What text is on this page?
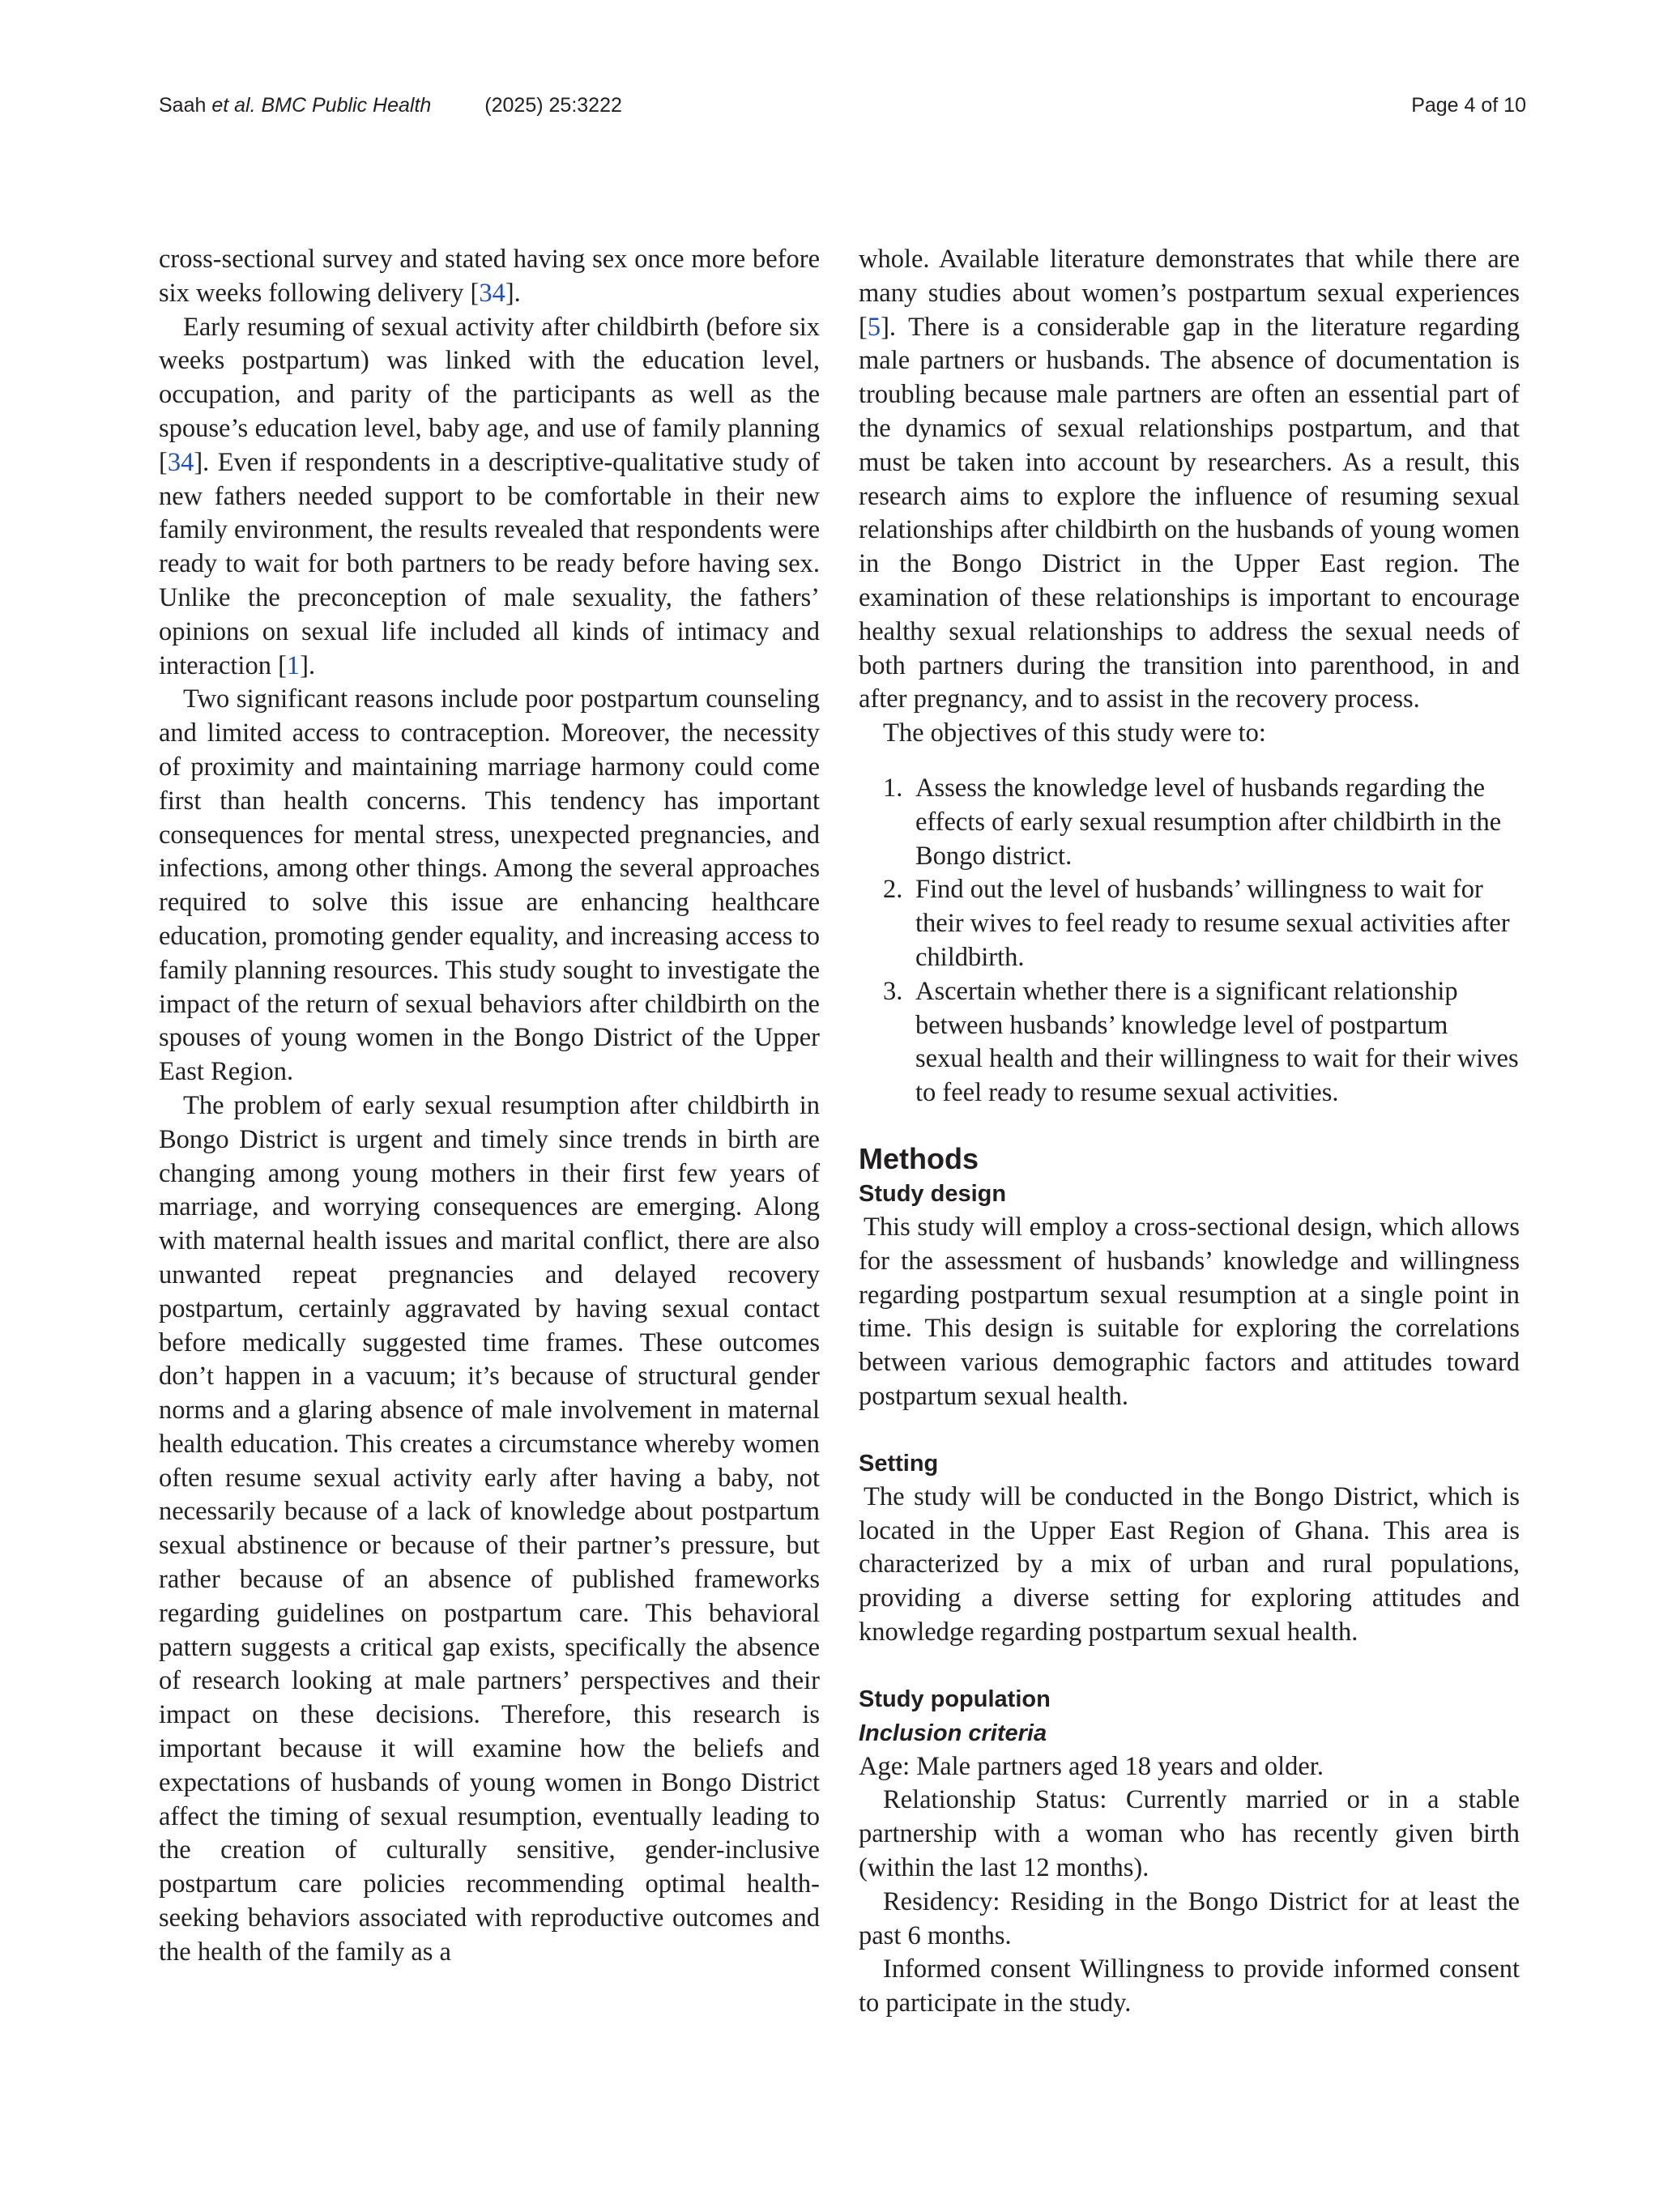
Saah et al. BMC Public Health	(2025) 25:3222	Page 4 of 10

cross-sectional survey and stated having sex once more before six weeks following delivery [34].

Early resuming of sexual activity after childbirth (before six weeks postpartum) was linked with the education level, occupation, and parity of the participants as well as the spouse’s education level, baby age, and use of family planning [34]. Even if respondents in a descriptive-qualitative study of new fathers needed support to be comfortable in their new family environment, the results revealed that respondents were ready to wait for both partners to be ready before having sex. Unlike the preconception of male sexuality, the fathers’ opinions on sexual life included all kinds of intimacy and interaction [1].

Two significant reasons include poor postpartum counseling and limited access to contraception. Moreover, the necessity of proximity and maintaining marriage harmony could come first than health concerns. This tendency has important consequences for mental stress, unexpected pregnancies, and infections, among other things. Among the several approaches required to solve this issue are enhancing healthcare education, promoting gender equality, and increasing access to family planning resources. This study sought to investigate the impact of the return of sexual behaviors after childbirth on the spouses of young women in the Bongo District of the Upper East Region.

The problem of early sexual resumption after childbirth in Bongo District is urgent and timely since trends in birth are changing among young mothers in their first few years of marriage, and worrying consequences are emerging. Along with maternal health issues and marital conflict, there are also unwanted repeat pregnancies and delayed recovery postpartum, certainly aggravated by having sexual contact before medically suggested time frames. These outcomes don’t happen in a vacuum; it’s because of structural gender norms and a glaring absence of male involvement in maternal health education. This creates a circumstance whereby women often resume sexual activity early after having a baby, not necessarily because of a lack of knowledge about postpartum sexual abstinence or because of their partner’s pressure, but rather because of an absence of published frameworks regarding guidelines on postpartum care. This behavioral pattern suggests a critical gap exists, specifically the absence of research looking at male partners’ perspectives and their impact on these decisions. Therefore, this research is important because it will examine how the beliefs and expectations of husbands of young women in Bongo District affect the timing of sexual resumption, eventually leading to the creation of culturally sensitive, gender-inclusive postpartum care policies recommending optimal health-seeking behaviors associated with reproductive outcomes and the health of the family as a

whole. Available literature demonstrates that while there are many studies about women’s postpartum sexual experiences [5]. There is a considerable gap in the literature regarding male partners or husbands. The absence of documentation is troubling because male partners are often an essential part of the dynamics of sexual relationships postpartum, and that must be taken into account by researchers. As a result, this research aims to explore the influence of resuming sexual relationships after childbirth on the husbands of young women in the Bongo District in the Upper East region. The examination of these relationships is important to encourage healthy sexual relationships to address the sexual needs of both partners during the transition into parenthood, in and after pregnancy, and to assist in the recovery process.

The objectives of this study were to:

1. Assess the knowledge level of husbands regarding the effects of early sexual resumption after childbirth in the Bongo district.
2. Find out the level of husbands’ willingness to wait for their wives to feel ready to resume sexual activities after childbirth.
3. Ascertain whether there is a significant relationship between husbands’ knowledge level of postpartum sexual health and their willingness to wait for their wives to feel ready to resume sexual activities.
Methods
Study design

This study will employ a cross-sectional design, which allows for the assessment of husbands’ knowledge and willingness regarding postpartum sexual resumption at a single point in time. This design is suitable for exploring the correlations between various demographic factors and attitudes toward postpartum sexual health.

Setting

The study will be conducted in the Bongo District, which is located in the Upper East Region of Ghana. This area is characterized by a mix of urban and rural populations, providing a diverse setting for exploring attitudes and knowledge regarding postpartum sexual health.

Study population
Inclusion criteria

Age: Male partners aged 18 years and older.

Relationship Status: Currently married or in a stable partnership with a woman who has recently given birth (within the last 12 months).

Residency: Residing in the Bongo District for at least the past 6 months.

Informed consent Willingness to provide informed consent to participate in the study.
